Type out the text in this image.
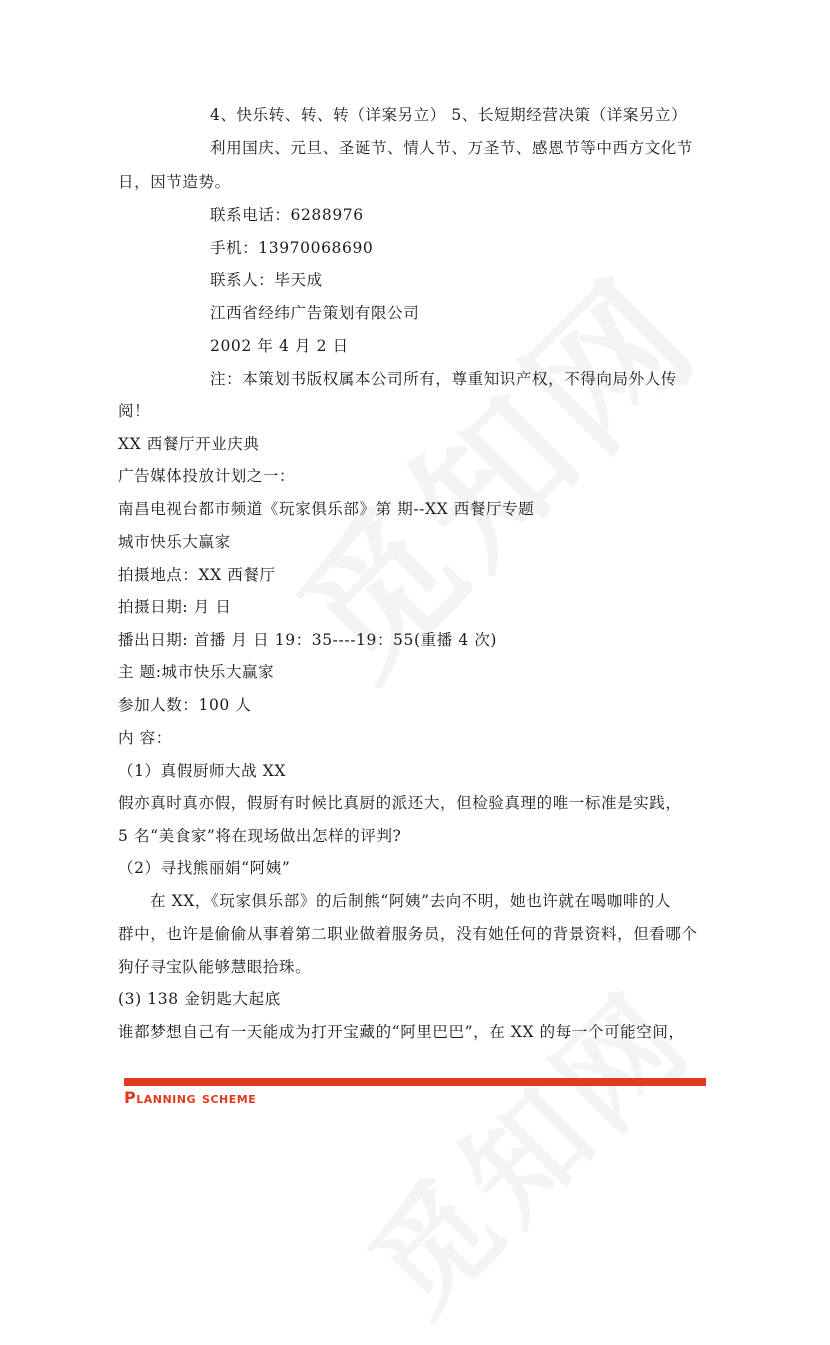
4、快乐转、转、转（详案另立） 5、长短期经营决策（详案另立）
利用国庆、元旦、圣诞节、情人节、万圣节、感恩节等中西方文化节
日，因节造势。
联系电话：6288976
手机：13970068690
联系人：毕天成
江西省经纬广告策划有限公司
2002 年 4 月 2 日
注：本策划书版权属本公司所有，尊重知识产权，不得向局外人传
阅！
XX 西餐厅开业庆典
广告媒体投放计划之一：
南昌电视台都市频道《玩家俱乐部》第 期--XX 西餐厅专题
城市快乐大赢家
拍摄地点：XX 西餐厅
拍摄日期: 月 日
播出日期: 首播 月 日 19：35----19：55(重播 4 次)
主 题:城市快乐大赢家
参加人数：100 人
内 容：
（1）真假厨师大战 XX
假亦真时真亦假，假厨有时候比真厨的派还大，但检验真理的唯一标准是实践，
5 名“美食家”将在现场做出怎样的评判?
（2）寻找熊丽娟“阿姨”
在 XX，《玩家俱乐部》的后制熊“阿姨”去向不明，她也许就在喝咖啡的人
群中，也许是偷偷从事着第二职业做着服务员，没有她任何的背景资料，但看哪个
狗仔寻宝队能够慧眼拾珠。
(3) 138 金钥匙大起底
谁都梦想自己有一天能成为打开宝藏的“阿里巴巴”，在 XX 的每一个可能空间，
Planning scheme
